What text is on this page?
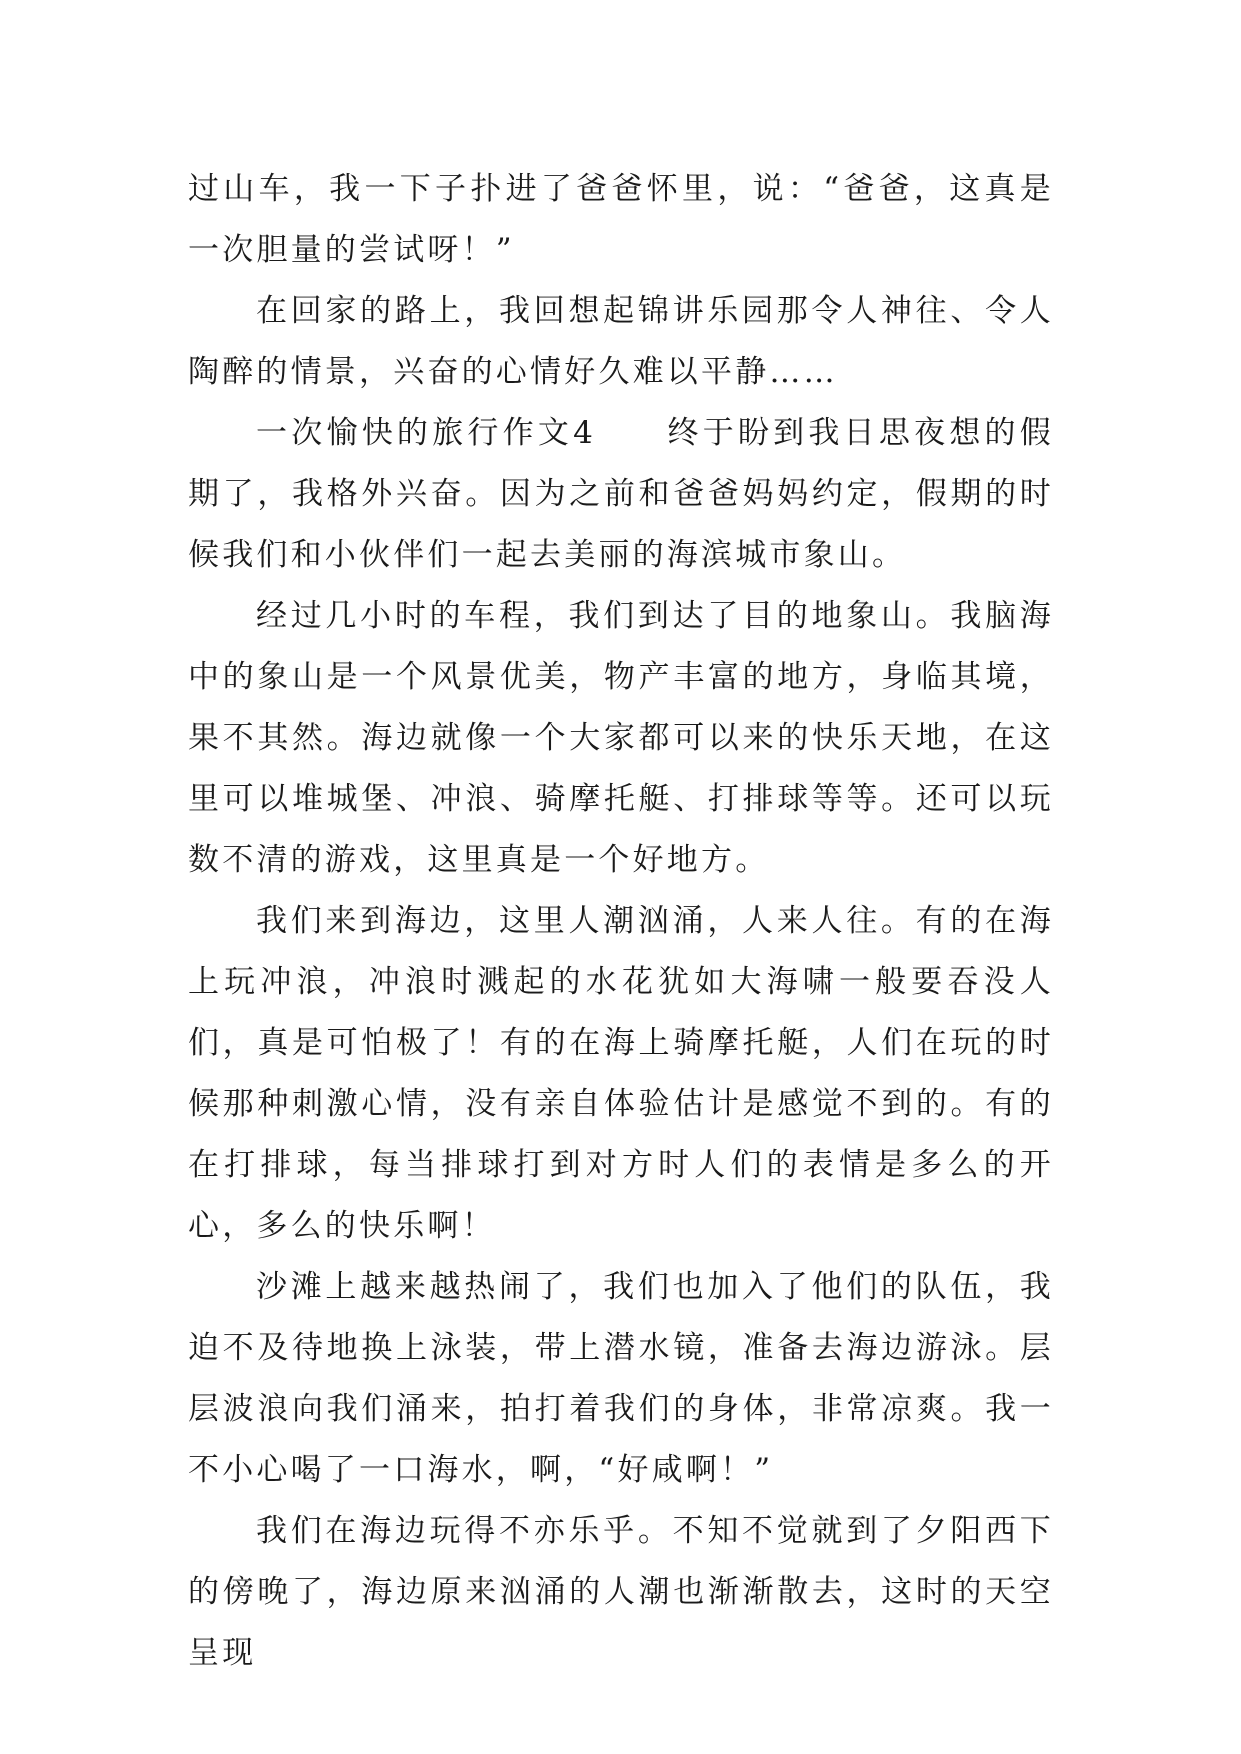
过山车，我一下子扑进了爸爸怀里，说：“爸爸，这真是一次胆量的尝试呀！”

在回家的路上，我回想起锦讲乐园那令人神往、令人陶醉的情景，兴奋的心情好久难以平静……

一次愉快的旅行作文4　　终于盼到我日思夜想的假期了，我格外兴奋。因为之前和爸爸妈妈约定，假期的时候我们和小伙伴们一起去美丽的海滨城市象山。

经过几小时的车程，我们到达了目的地象山。我脑海中的象山是一个风景优美，物产丰富的地方，身临其境，果不其然。海边就像一个大家都可以来的快乐天地，在这里可以堆城堡、冲浪、骑摩托艇、打排球等等。还可以玩数不清的游戏，这里真是一个好地方。

我们来到海边，这里人潮汹涌，人来人往。有的在海上玩冲浪，冲浪时溅起的水花犹如大海啸一般要吞没人们，真是可怕极了！有的在海上骑摩托艇，人们在玩的时候那种刺激心情，没有亲自体验估计是感觉不到的。有的在打排球，每当排球打到对方时人们的表情是多么的开心，多么的快乐啊！

沙滩上越来越热闹了，我们也加入了他们的队伍，我迫不及待地换上泳装，带上潜水镜，准备去海边游泳。层层波浪向我们涌来，拍打着我们的身体，非常凉爽。我一不小心喝了一口海水，啊，“好咸啊！”

我们在海边玩得不亦乐乎。不知不觉就到了夕阳西下的傍晚了，海边原来汹涌的人潮也渐渐散去，这时的天空呈现
